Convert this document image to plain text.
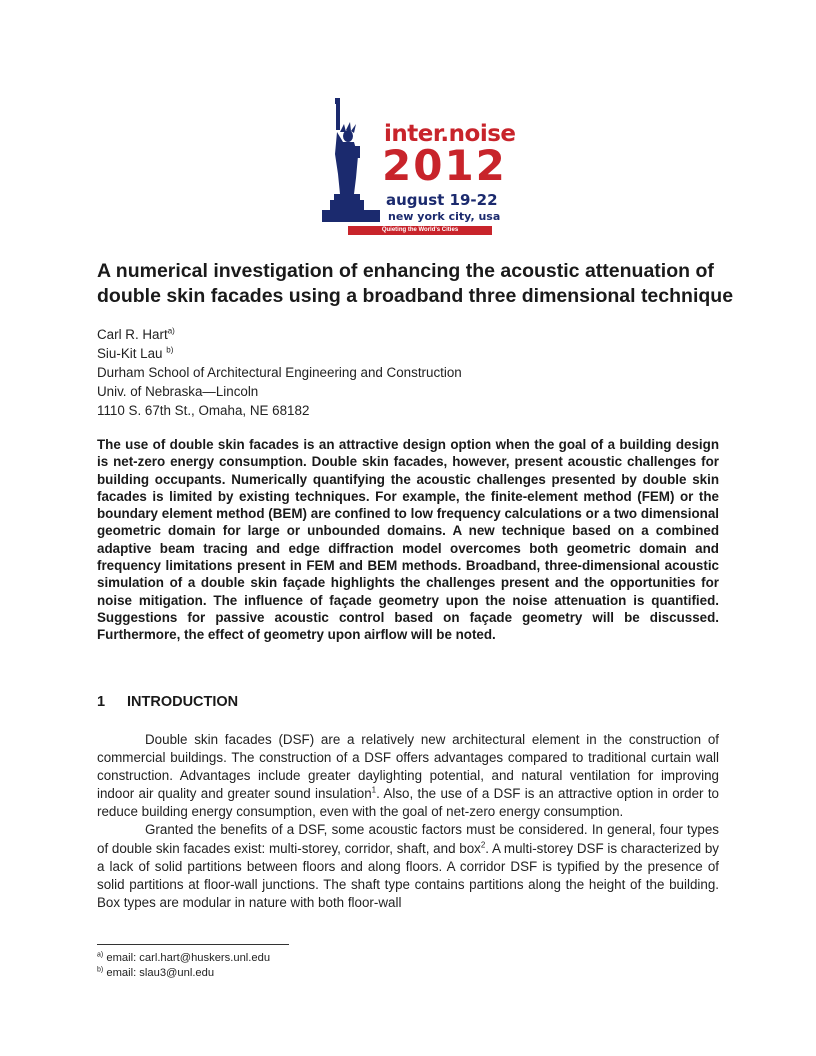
inter.noise
2012
august 19-22
new york city, usa
Quieting the World's Cities
A numerical investigation of enhancing the acoustic attenuation of
double skin facades using a broadband three dimensional technique
Carl R. Hart$^{a)}$
Siu-Kit Lau $^{b)}$
Durham School of Architectural Engineering and Construction
Univ. of Nebraska—Lincoln
1110 S. 67th St., Omaha, NE 68182
The use of double skin facades is an attractive design option when the goal of a building design is net-zero energy consumption. Double skin facades, however, present acoustic challenges for building occupants. Numerically quantifying the acoustic challenges presented by double skin facades is limited by existing techniques. For example, the finite-element method (FEM) or the boundary element method (BEM) are confined to low frequency calculations or a two dimensional geometric domain for large or unbounded domains. A new technique based on a combined adaptive beam tracing and edge diffraction model overcomes both geometric domain and frequency limitations present in FEM and BEM methods. Broadband, three-dimensional acoustic simulation of a double skin façade highlights the challenges present and the opportunities for noise mitigation. The influence of façade geometry upon the noise attenuation is quantified. Suggestions for passive acoustic control based on façade geometry will be discussed. Furthermore, the effect of geometry upon airflow will be noted.
1 INTRODUCTION

Double skin facades (DSF) are a relatively new architectural element in the construction of commercial buildings. The construction of a DSF offers advantages compared to traditional curtain wall construction. Advantages include greater daylighting potential, and natural ventilation for improving indoor air quality and greater sound insulation$^1$. Also, the use of a DSF is an attractive option in order to reduce building energy consumption, even with the goal of net-zero energy consumption.

Granted the benefits of a DSF, some acoustic factors must be considered. In general, four types of double skin facades exist: multi-storey, corridor, shaft, and box$^2$. A multi-storey DSF is characterized by a lack of solid partitions between floors and along floors. A corridor DSF is typified by the presence of solid partitions at floor-wall junctions. The shaft type contains partitions along the height of the building. Box types are modular in nature with both floor-wall

$^{a)}$ email: carl.hart@huskers.unl.edu
$^{b)}$ email: slau3@unl.edu
